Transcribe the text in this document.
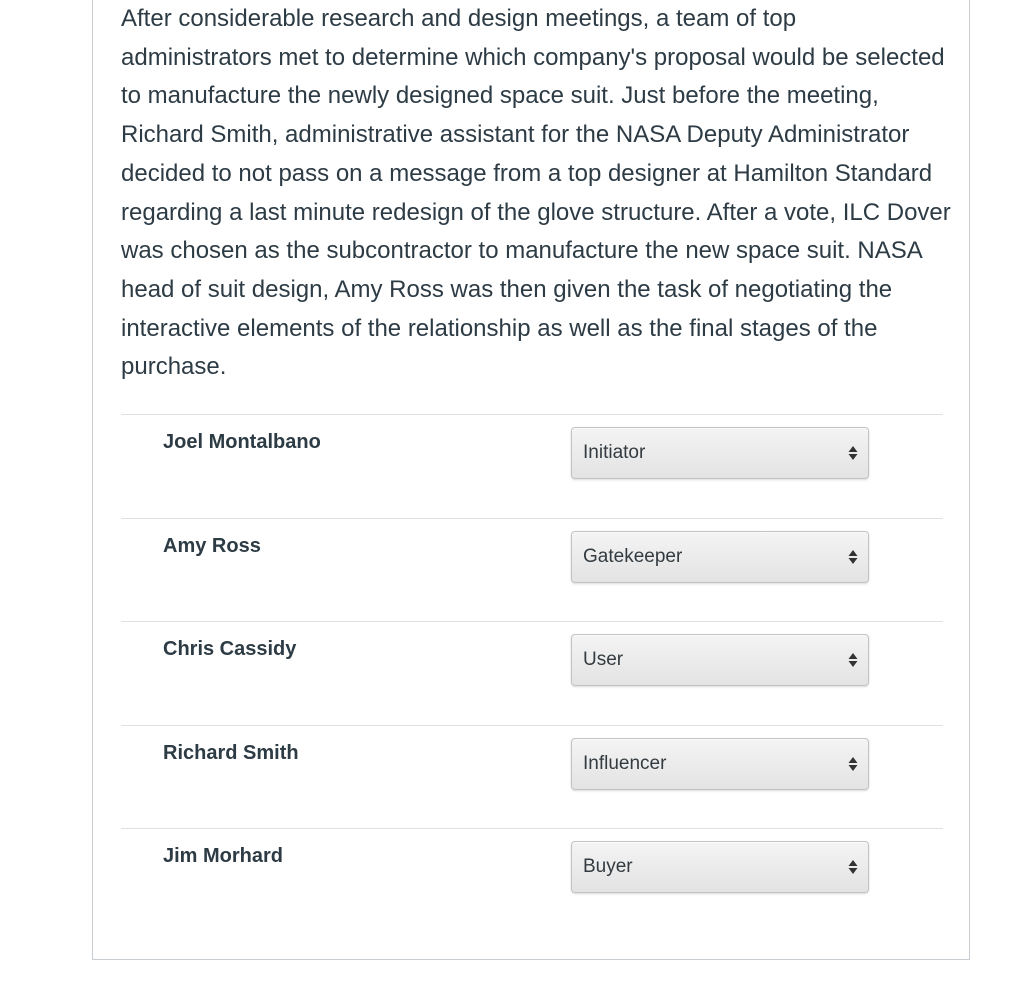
After considerable research and design meetings, a team of top administrators met to determine which company's proposal would be selected to manufacture the newly designed space suit. Just before the meeting, Richard Smith, administrative assistant for the NASA Deputy Administrator decided to not pass on a message from a top designer at Hamilton Standard regarding a last minute redesign of the glove structure. After a vote, ILC Dover was chosen as the subcontractor to manufacture the new space suit. NASA head of suit design, Amy Ross was then given the task of negotiating the interactive elements of the relationship as well as the final stages of the purchase.

Joel Montalbano	Initiator
Amy Ross	Gatekeeper
Chris Cassidy	User
Richard Smith	Influencer
Jim Morhard	Buyer
